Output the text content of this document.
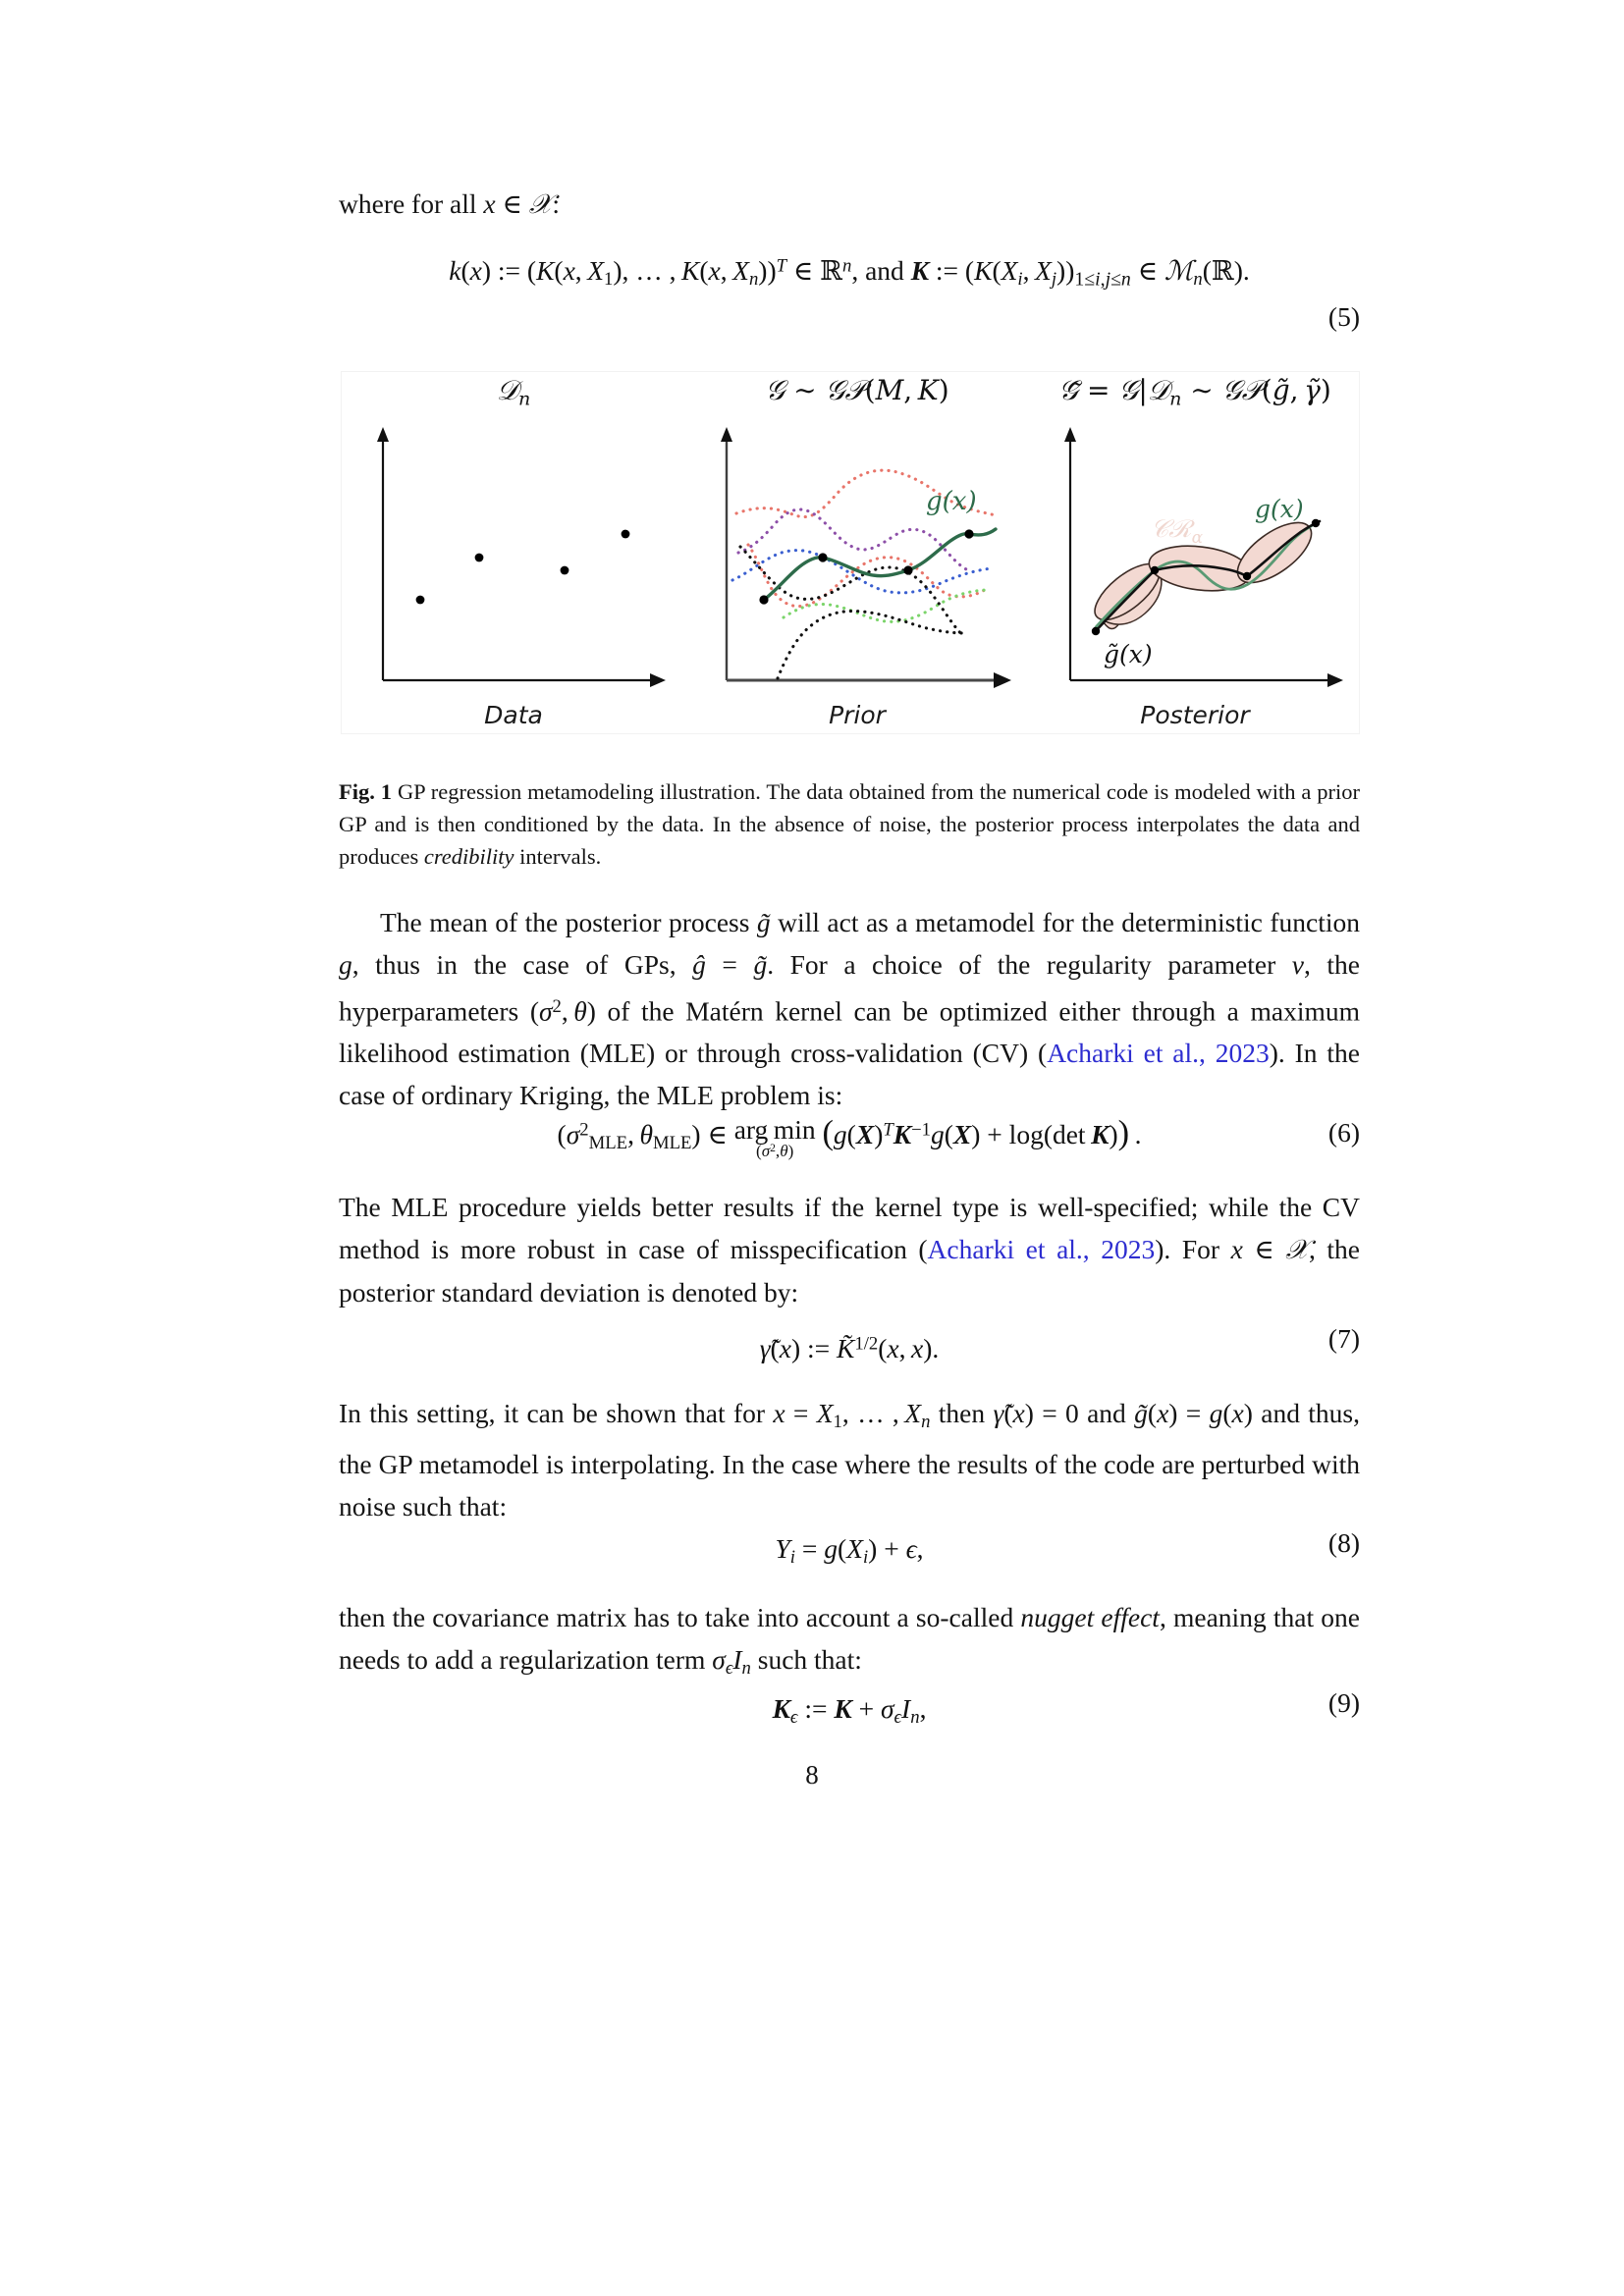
where for all x ∈ 𝒳:

k(x) := (K(x, $X_1$), … , K(x, $X_n))^T$ ∈ ℝ$^n$, and K := ($K(X_i$, $X_j))_{1\le i,j\le n}$ ∈ ℳ$_n$(ℝ).
(5)
𝒟$_n$
Data
𝒢 ∼ 𝒢𝒫(M, K)
g(x)
Prior
𝒢̃ = 𝒢|𝒟$_n$ ∼ 𝒢𝒫(g̃, γ̃)
𝒞ℛ$_\alpha$
g(x)
g̃(x)
Posterior
Fig. 1 GP regression metamodeling illustration. The data obtained from the numerical code is modeled with a prior GP and is then conditioned by the data. In the absence of noise, the posterior process interpolates the data and produces credibility intervals.

The mean of the posterior process g̃ will act as a metamodel for the deterministic function g, thus in the case of GPs, ĝ = g̃. For a choice of the regularity parameter ν, the hyperparameters ($\sigma^2$, θ) of the Matérn kernel can be optimized either through a maximum likelihood estimation (MLE) or through cross-validation (CV) (Acharki et al., 2023). In the case of ordinary Kriging, the MLE problem is:

($\sigma^2_{MLE}$, $\theta_{MLE}$) ∈ arg min
$(\sigma^2,\theta) (g(X)^TK^{-1}g(X) + \log(\det$ K)) .	(6)

The MLE procedure yields better results if the kernel type is well-specified; while the CV method is more robust in case of misspecification (Acharki et al., 2023). For x ∈ 𝒳, the posterior standard deviation is denoted by:

γ̃(x) := K̃$^{1/2}$(x, x).	(7)

In this setting, it can be shown that for $x = X_1$, … , $X_n$ then γ̃(x) = 0 and g̃(x) = g(x) and thus, the GP metamodel is interpolating. In the case where the results of the code are perturbed with noise such that:

$Y_i = g(X_i) + \epsilon$,	(8)

then the covariance matrix has to take into account a so-called nugget effect, meaning that one needs to add a regularization term $\sigma_\epsilon I_n$ such that:

$K_\epsilon$ := $K + \sigma_\epsilon I_n$,	(9)
8
